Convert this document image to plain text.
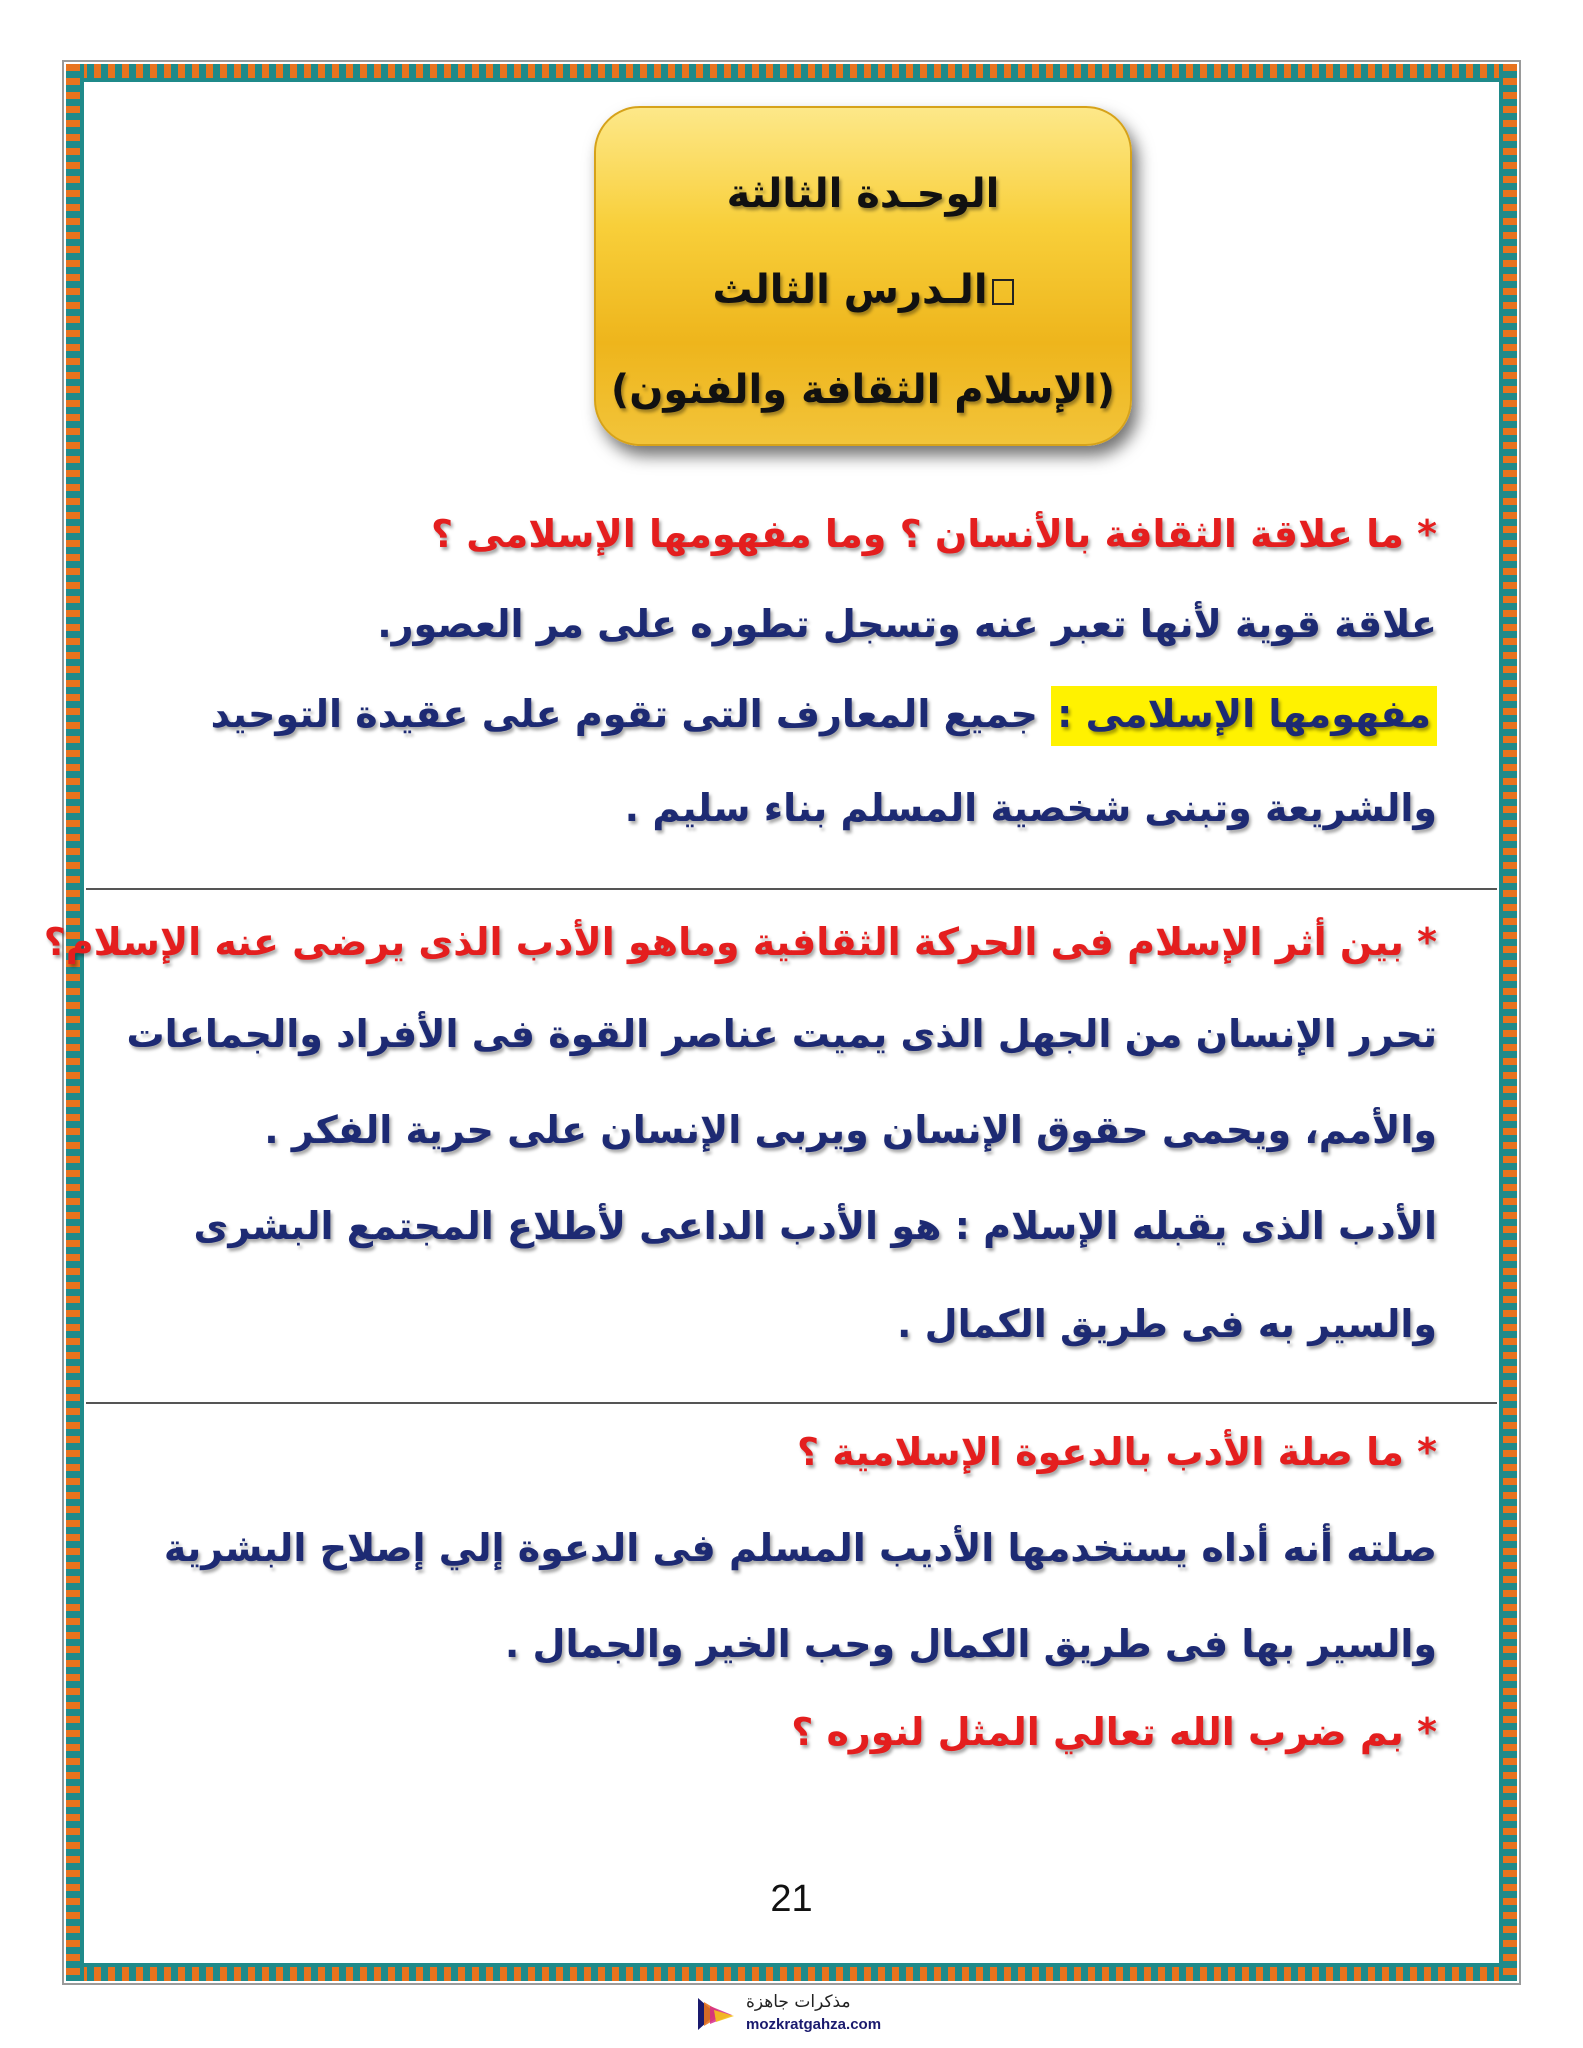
الوحـدة الثالثة
الـدرس الثالث
(الإسلام الثقافة والفنون)
* ما علاقة الثقافة بالأنسان ؟ وما مفهومها الإسلامى ؟
علاقة قوية لأنها تعبر عنه وتسجل تطوره على مر العصور.
مفهومها الإسلامى : جميع المعارف التى تقوم على عقيدة التوحيد
والشريعة وتبنى شخصية المسلم بناء سليم .
* بين أثر الإسلام فى الحركة الثقافية وماهو الأدب الذى يرضى عنه الإسلام؟
تحرر الإنسان من الجهل الذى يميت عناصر القوة فى الأفراد والجماعات
والأمم، ويحمى حقوق الإنسان ويربى الإنسان على حرية الفكر .
الأدب الذى يقبله الإسلام : هو الأدب الداعى لأطلاع المجتمع البشرى
والسير به فى طريق الكمال .
* ما صلة الأدب بالدعوة الإسلامية ؟
صلته أنه أداه يستخدمها الأديب المسلم فى الدعوة إلي إصلاح البشرية
والسير بها فى طريق الكمال وحب الخير والجمال .
* بم ضرب الله تعالي المثل لنوره ؟
21
مذكرات جاهزة
mozkratgahza.com
